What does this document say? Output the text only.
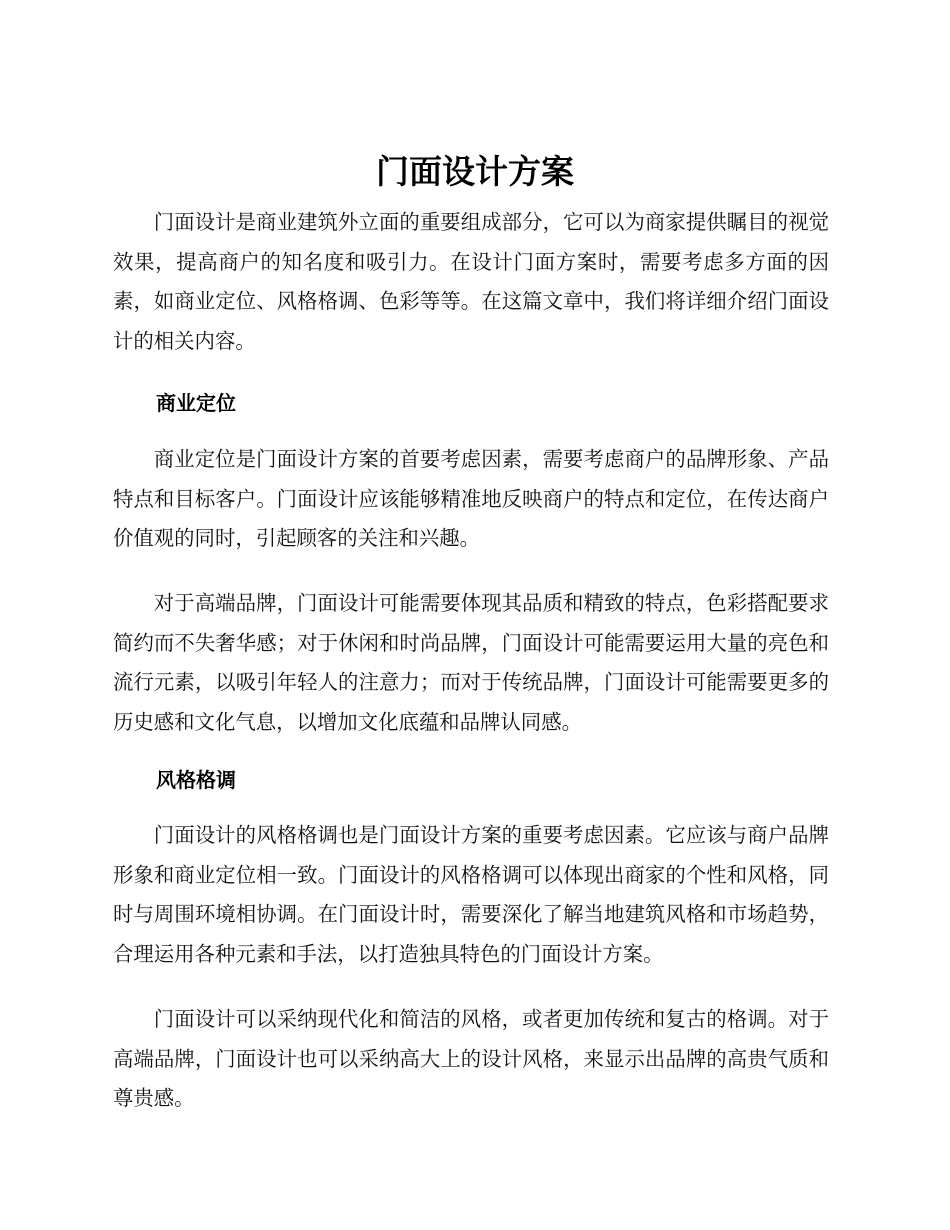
门面设计方案

门面设计是商业建筑外立面的重要组成部分，它可以为商家提供瞩目的视觉效果，提高商户的知名度和吸引力。在设计门面方案时，需要考虑多方面的因素，如商业定位、风格格调、色彩等等。在这篇文章中，我们将详细介绍门面设计的相关内容。

商业定位

商业定位是门面设计方案的首要考虑因素，需要考虑商户的品牌形象、产品特点和目标客户。门面设计应该能够精准地反映商户的特点和定位，在传达商户价值观的同时，引起顾客的关注和兴趣。

对于高端品牌，门面设计可能需要体现其品质和精致的特点，色彩搭配要求简约而不失奢华感；对于休闲和时尚品牌，门面设计可能需要运用大量的亮色和流行元素，以吸引年轻人的注意力；而对于传统品牌，门面设计可能需要更多的历史感和文化气息，以增加文化底蕴和品牌认同感。

风格格调

门面设计的风格格调也是门面设计方案的重要考虑因素。它应该与商户品牌形象和商业定位相一致。门面设计的风格格调可以体现出商家的个性和风格，同时与周围环境相协调。在门面设计时，需要深化了解当地建筑风格和市场趋势，合理运用各种元素和手法，以打造独具特色的门面设计方案。

门面设计可以采纳现代化和简洁的风格，或者更加传统和复古的格调。对于高端品牌，门面设计也可以采纳高大上的设计风格，来显示出品牌的高贵气质和尊贵感。
